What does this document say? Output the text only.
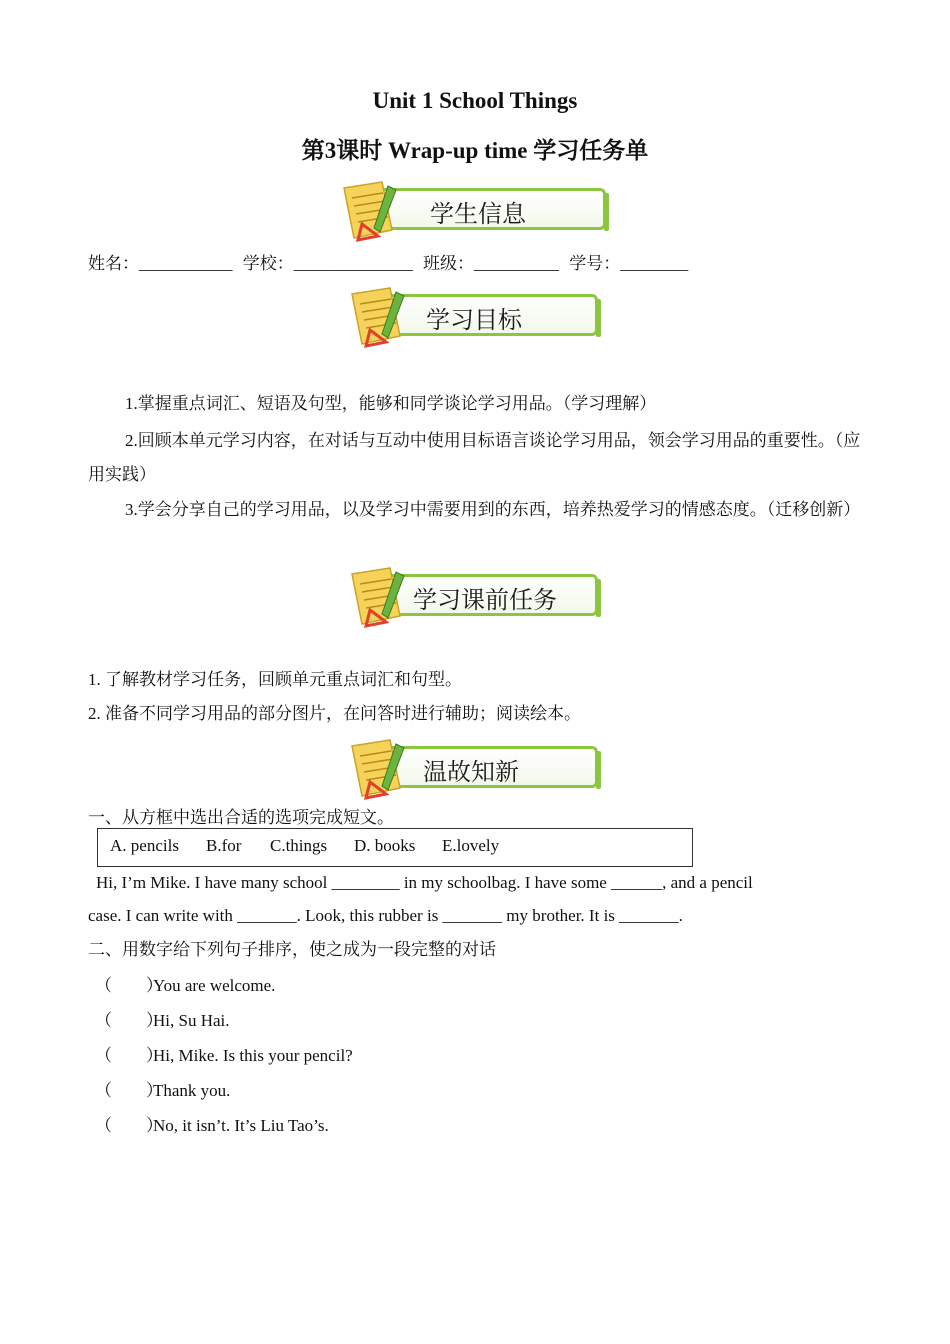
Unit 1 School Things
第3课时 Wrap-up time 学习任务单
学生信息
姓名：___________ 学校：______________ 班级：__________ 学号：________
学习目标
1.掌握重点词汇、短语及句型，能够和同学谈论学习用品。（学习理解）
2.回顾本单元学习内容，在对话与互动中使用目标语言谈论学习用品，领会学习用品的重要性。（应用实践）
3.学会分享自己的学习用品，以及学习中需要用到的东西，培养热爱学习的情感态度。（迁移创新）
学习课前任务
1. 了解教材学习任务，回顾单元重点词汇和句型。
2. 准备不同学习用品的部分图片，在问答时进行辅助；阅读绘本。
温故知新
一、从方框中选出合适的选项完成短文。
A. pencils B.for C.things D. books E.lovely
Hi, I’m Mike. I have many school ________ in my schoolbag. I have some ______, and a pencil
case. I can write with _______. Look, this rubber is _______ my brother. It is _______.
二、用数字给下列句子排序，使之成为一段完整的对话
（　　）You are welcome.
（　　）Hi, Su Hai.
（　　）Hi, Mike. Is this your pencil?
（　　）Thank you.
（　　）No, it isn’t. It’s Liu Tao’s.
